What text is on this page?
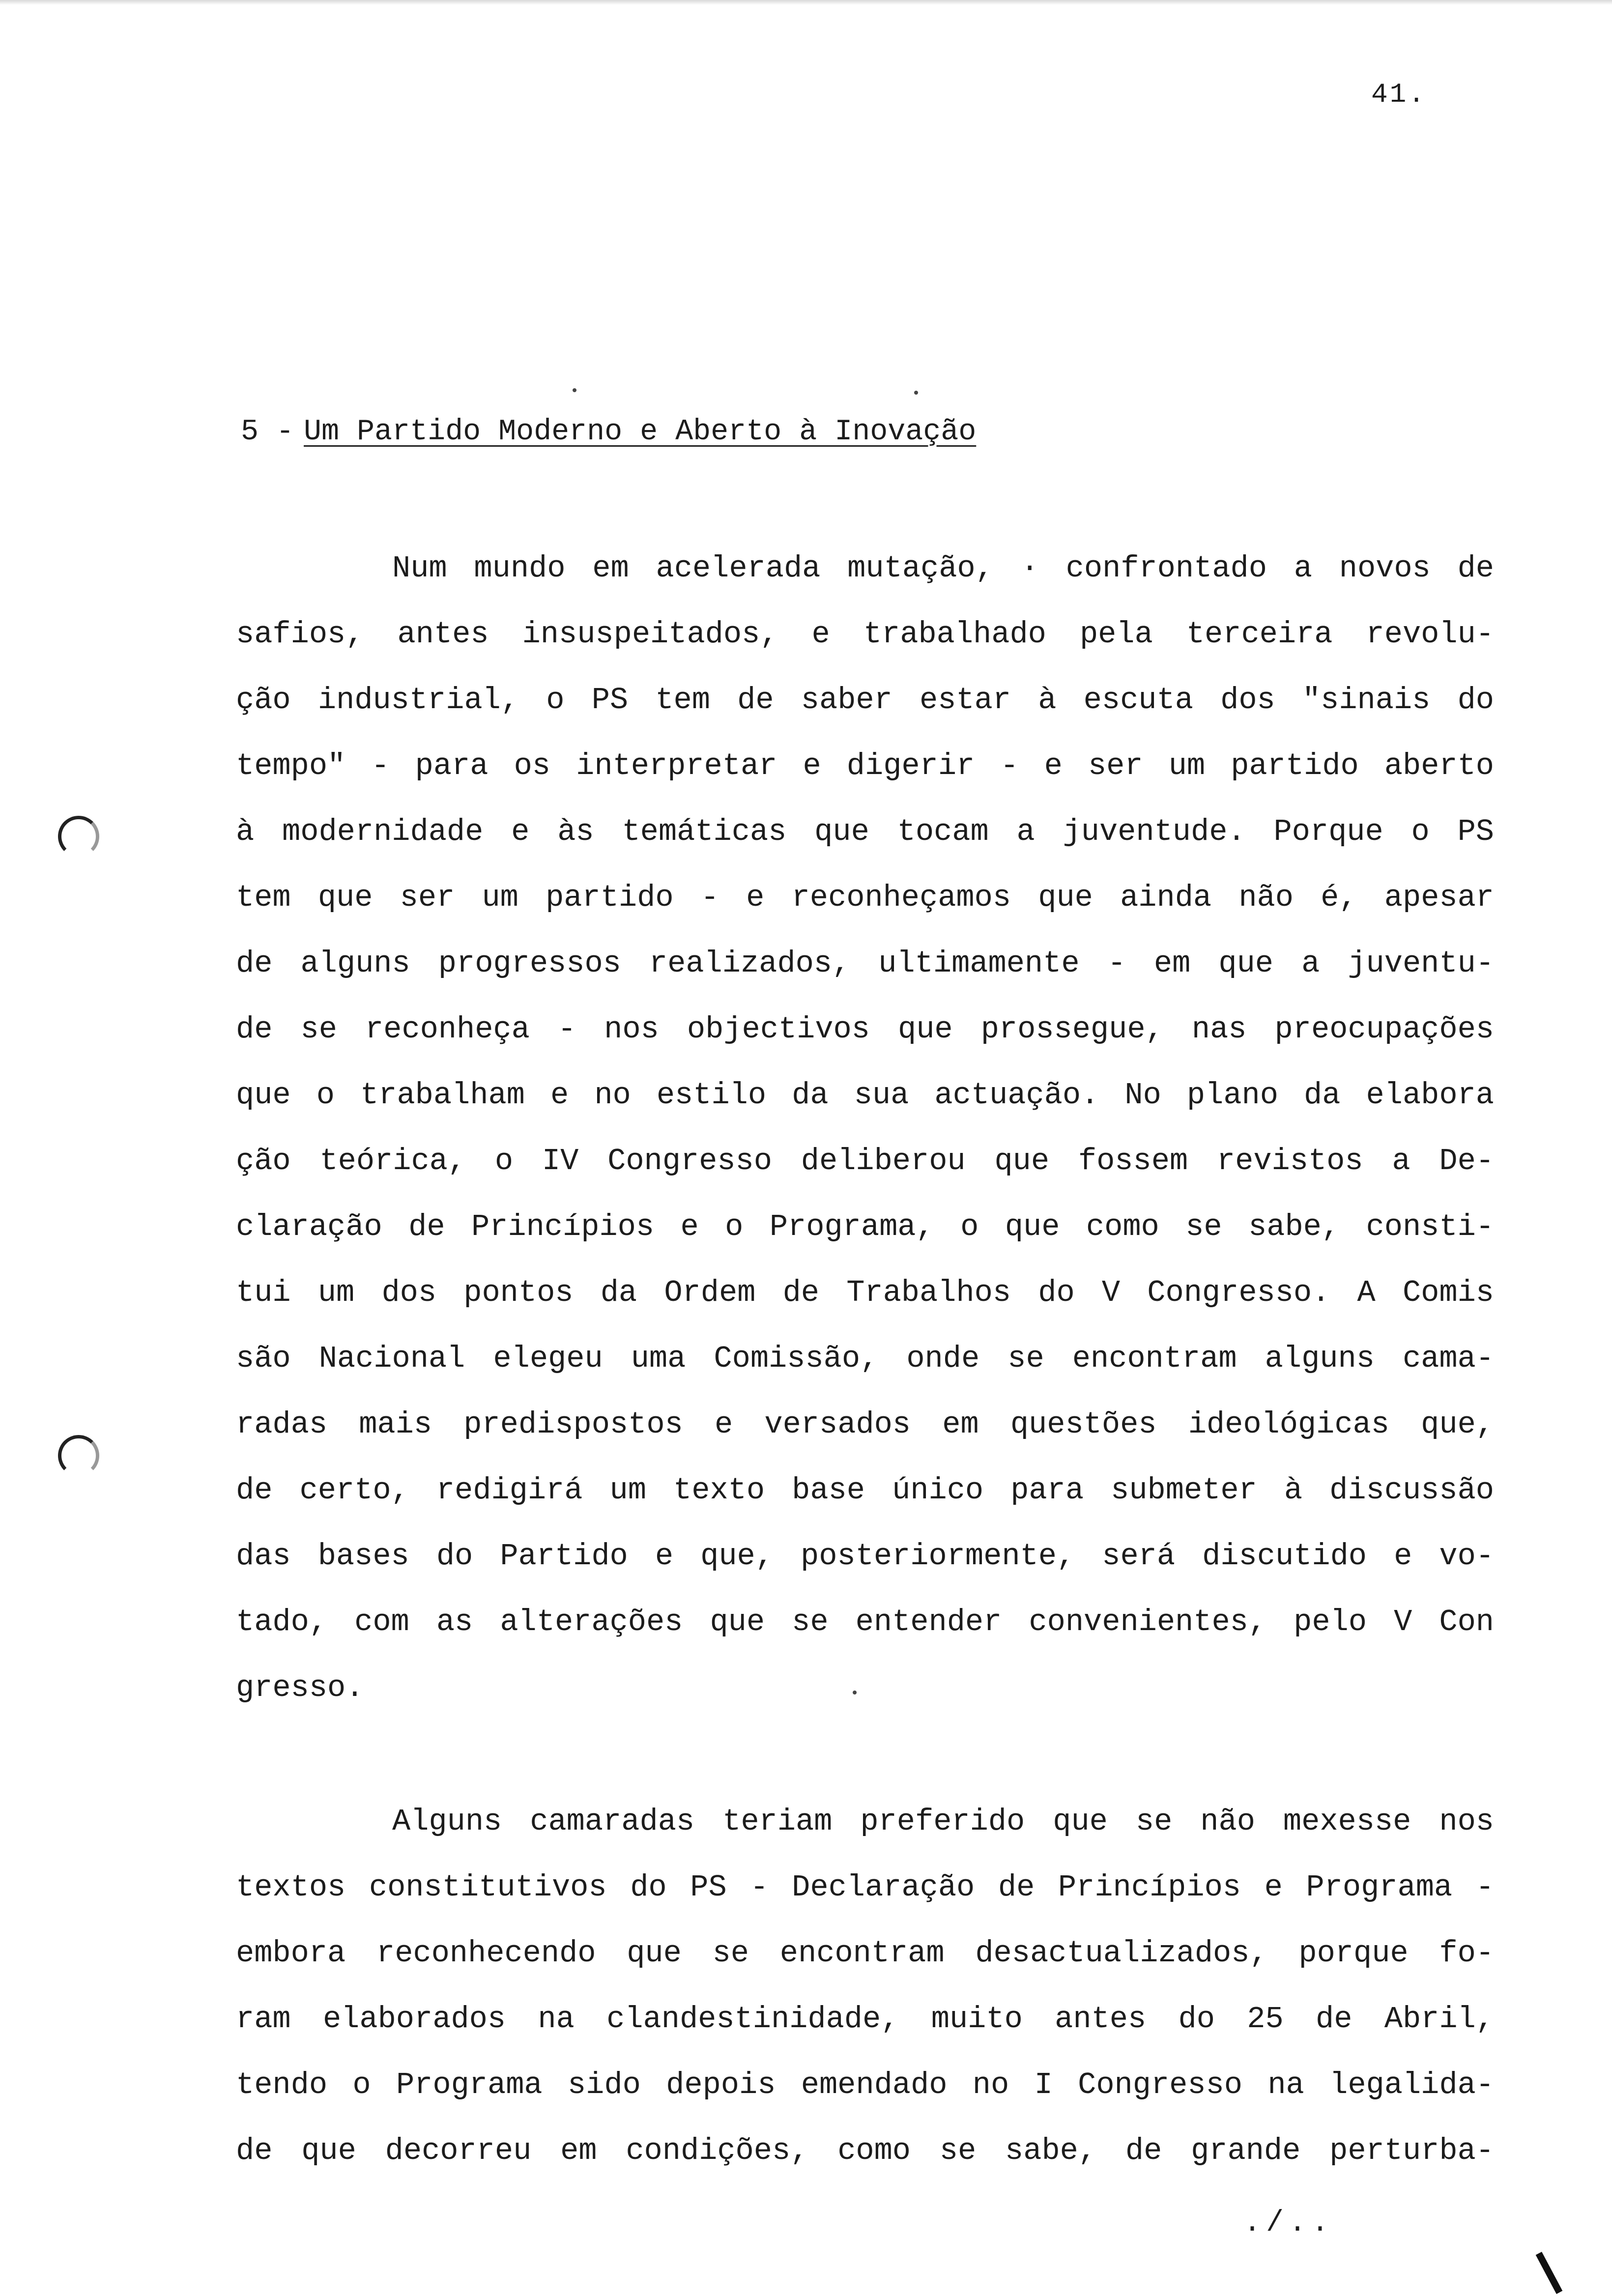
41.
5 - Um Partido Moderno e Aberto à Inovação
Num mundo em acelerada mutação, · confrontado a novos de
safios, antes insuspeitados, e trabalhado pela terceira revolu-
ção industrial, o PS tem de saber estar à escuta dos "sinais do
tempo" - para os interpretar e digerir - e ser um partido aberto
à modernidade e às temáticas que tocam a juventude. Porque o PS
tem que ser um partido - e reconheçamos que ainda não é, apesar
de alguns progressos realizados, ultimamente - em que a juventu-
de se reconheça - nos objectivos que prossegue, nas preocupações
que o trabalham e no estilo da sua actuação. No plano da elabora
ção teórica, o IV Congresso deliberou que fossem revistos a De-
claração de Princípios e o Programa, o que como se sabe, consti-
tui um dos pontos da Ordem de Trabalhos do V Congresso. A Comis
são Nacional elegeu uma Comissão, onde se encontram alguns cama-
radas mais predispostos e versados em questões ideológicas que,
de certo, redigirá um texto base único para submeter à discussão
das bases do Partido e que, posteriormente, será discutido e vo-
tado, com as alterações que se entender convenientes, pelo V Con
gresso.
Alguns camaradas teriam preferido que se não mexesse nos
textos constitutivos do PS - Declaração de Princípios e Programa -
embora reconhecendo que se encontram desactualizados, porque fo-
ram elaborados na clandestinidade, muito antes do 25 de Abril,
tendo o Programa sido depois emendado no I Congresso na legalida-
de que decorreu em condições, como se sabe, de grande perturba-
./..
